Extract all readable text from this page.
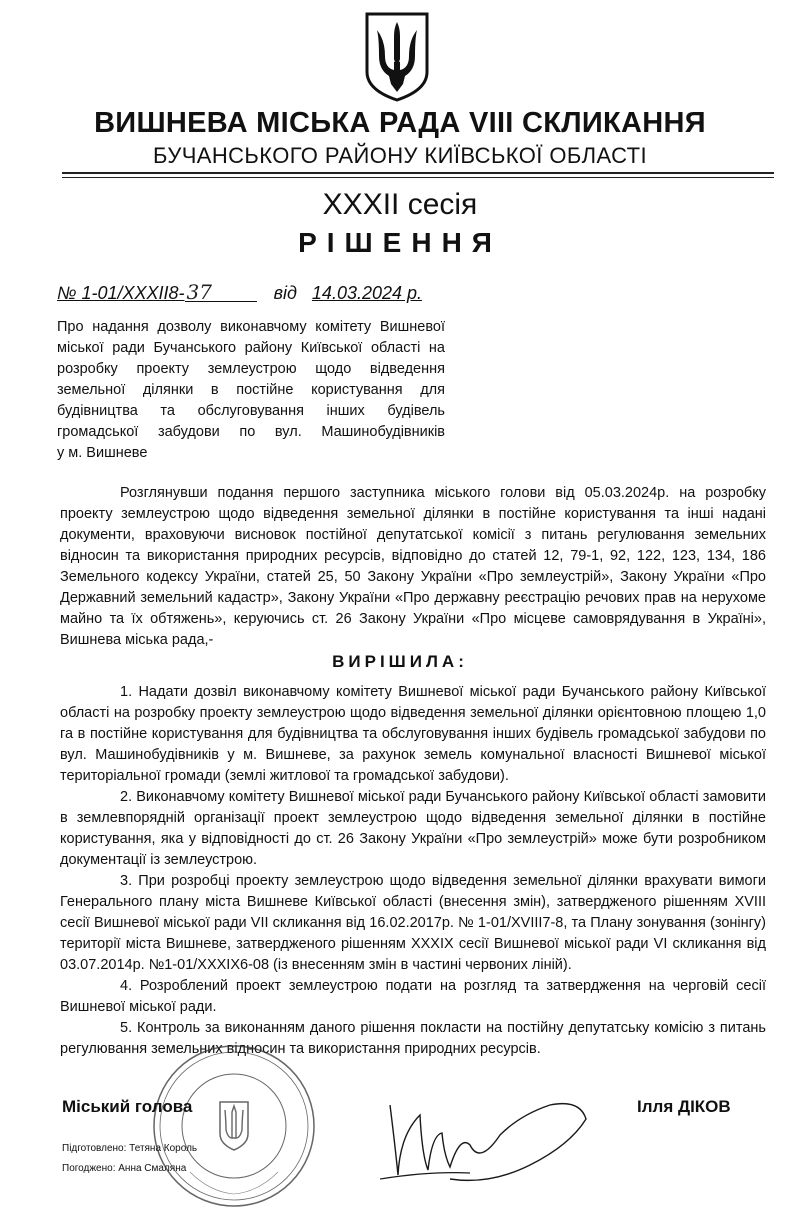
ВИШНЕВА МІСЬКА РАДА VIII СКЛИКАННЯ
БУЧАНСЬКОГО РАЙОНУ КИЇВСЬКОЇ ОБЛАСТІ
XXXII сесія
РІШЕННЯ
№ 1-01/XXXII8- 37	від 14.03.2024 р.
Про надання дозволу виконавчому комітету Вишневої
міської ради Бучанського району Київської області на
розробку проекту землеустрою щодо відведення
земельної ділянки в постійне користування для
будівництва та обслуговування інших будівель
громадської забудови по вул. Машинобудівників
у м. Вишневе

Розглянувши подання першого заступника міського голови від 05.03.2024р. на розробку проекту землеустрою щодо відведення земельної ділянки в постійне користування та інші надані документи, враховуючи висновок постійної депутатської комісії з питань регулювання земельних відносин та використання природних ресурсів, відповідно до статей 12, 79-1, 92, 122, 123, 134, 186 Земельного кодексу України, статей 25, 50 Закону України «Про землеустрій», Закону України «Про Державний земельний кадастр», Закону України «Про державну реєстрацію речових прав на нерухоме майно та їх обтяжень», керуючись ст. 26 Закону України «Про місцеве самоврядування в Україні», Вишнева міська рада,-

ВИРІШИЛА:

1. Надати дозвіл виконавчому комітету Вишневої міської ради Бучанського району Київської області на розробку проекту землеустрою щодо відведення земельної ділянки орієнтовною площею 1,0 га в постійне користування для будівництва та обслуговування інших будівель громадської забудови по вул. Машинобудівників у м. Вишневе, за рахунок земель комунальної власності Вишневої міської територіальної громади (землі житлової та громадської забудови).

2. Виконавчому комітету Вишневої міської ради Бучанського району Київської області замовити в землевпорядній організації проект землеустрою щодо відведення земельної ділянки в постійне користування, яка у відповідності до ст. 26 Закону України «Про землеустрій» може бути розробником документації із землеустрою.

3. При розробці проекту землеустрою щодо відведення земельної ділянки врахувати вимоги Генерального плану міста Вишневе Київської області (внесення змін), затвердженого рішенням XVIII сесії Вишневої міської ради VII скликання від 16.02.2017р. № 1-01/XVIII7-8, та Плану зонування (зонінгу) території міста Вишневе, затвердженого рішенням XXXIX сесії Вишневої міської ради VI скликання від 03.07.2014р. №1-01/XXXIX6-08 (із внесенням змін в частині червоних ліній).

4. Розроблений проект землеустрою подати на розгляд та затвердження на черговій сесії Вишневої міської ради.

5. Контроль за виконанням даного рішення покласти на постійну депутатську комісію з питань регулювання земельних відносин та використання природних ресурсів.

Міський голова	Ілля ДІКОВ
Підготовлено: Тетяна Король
Погоджено: Анна Смаляна
